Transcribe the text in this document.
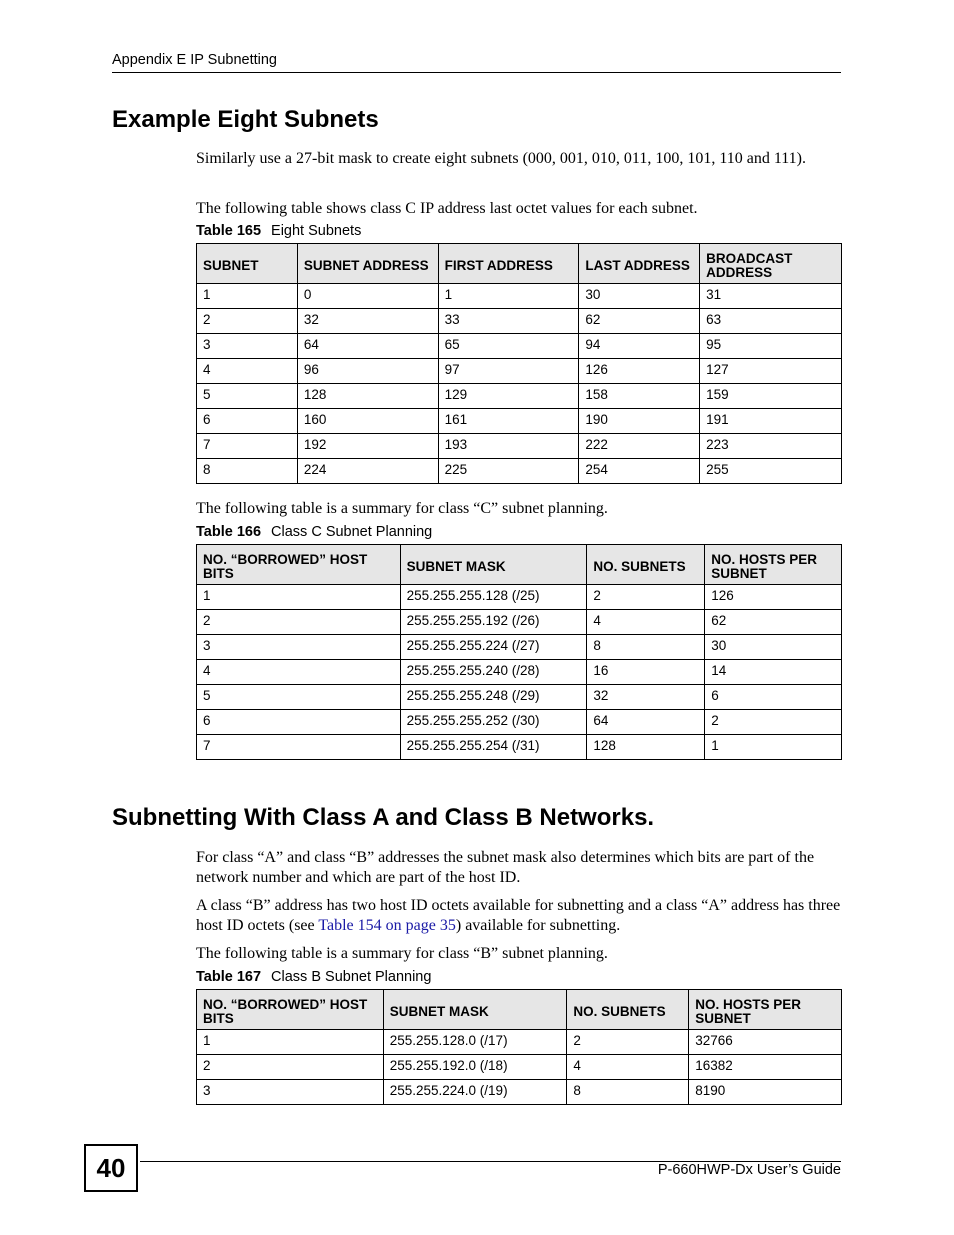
Appendix E IP Subnetting
Example Eight Subnets

Similarly use a 27-bit mask to create eight subnets (000, 001, 010, 011, 100, 101, 110 and 111).

The following table shows class C IP address last octet values for each subnet.

Table 165 Eight Subnets
SUBNET	SUBNET ADDRESS	FIRST ADDRESS	LAST ADDRESS	BROADCAST ADDRESS
1	0	1	30	31
2	32	33	62	63
3	64	65	94	95
4	96	97	126	127
5	128	129	158	159
6	160	161	190	191
7	192	193	222	223
8	224	225	254	255

The following table is a summary for class “C” subnet planning.

Table 166 Class C Subnet Planning
NO. “BORROWED” HOST BITS	SUBNET MASK	NO. SUBNETS	NO. HOSTS PER SUBNET
1	255.255.255.128 (/25)	2	126
2	255.255.255.192 (/26)	4	62
3	255.255.255.224 (/27)	8	30
4	255.255.255.240 (/28)	16	14
5	255.255.255.248 (/29)	32	6
6	255.255.255.252 (/30)	64	2
7	255.255.255.254 (/31)	128	1
Subnetting With Class A and Class B Networks.

For class “A” and class “B” addresses the subnet mask also determines which bits are part of the network number and which are part of the host ID.

A class “B” address has two host ID octets available for subnetting and a class “A” address has three host ID octets (see Table 154 on page 35) available for subnetting.

The following table is a summary for class “B” subnet planning.

Table 167 Class B Subnet Planning
NO. “BORROWED” HOST BITS	SUBNET MASK	NO. SUBNETS	NO. HOSTS PER SUBNET
1	255.255.128.0 (/17)	2	32766
2	255.255.192.0 (/18)	4	16382
3	255.255.224.0 (/19)	8	8190
40	P-660HWP-Dx User’s Guide
